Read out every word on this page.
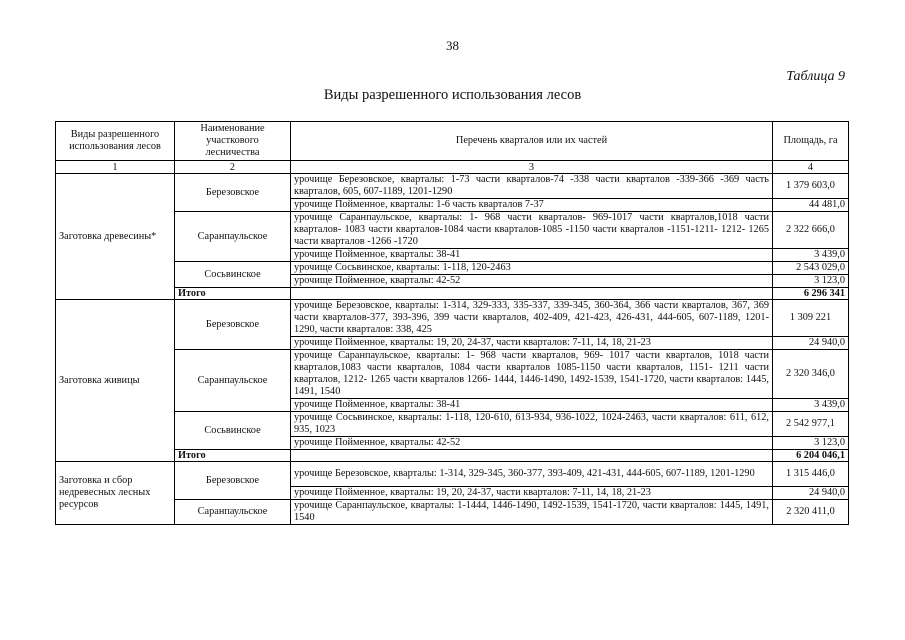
38
Таблица 9
Виды разрешенного использования лесов
Виды разрешенного использования лесов	Наименование участкового лесничества	Перечень кварталов или их частей	Площадь, га
1	2	3	4
Заготовка древесины*	Березовское	урочище Березовское, кварталы: 1-73 части кварталов-74 -338 части кварталов -339-366 -369 часть кварталов, 605, 607-1189, 1201-1290	1 379 603,0
		урочище Пойменное, кварталы: 1-6 часть кварталов 7-37	44 481,0
	Саранпаульское	урочище Саранпаульское, кварталы: 1- 968 части кварталов- 969-1017 части кварталов,1018 части кварталов- 1083 части кварталов-1084 части кварталов-1085 -1150 части кварталов -1151-1211- 1212- 1265 части кварталов -1266 -1720	2 322 666,0
		урочище Пойменное, кварталы: 38-41	3 439,0
	Сосьвинское	урочище Сосьвинское, кварталы: 1-118, 120-2463	2 543 029,0
		урочище Пойменное, кварталы: 42-52	3 123,0
	Итого		6 296 341
Заготовка живицы	Березовское	урочище Березовское, кварталы: 1-314, 329-333, 335-337, 339-345, 360-364, 366 части кварталов, 367, 369 части кварталов-377, 393-396, 399 части кварталов, 402-409, 421-423, 426-431, 444-605, 607-1189, 1201-1290, части кварталов: 338, 425	1 309 221
		урочище Пойменное, кварталы: 19, 20, 24-37, части кварталов: 7-11, 14, 18, 21-23	24 940,0
	Саранпаульское	урочище Саранпаульское, кварталы: 1- 968 части кварталов, 969- 1017 части кварталов, 1018 части кварталов,1083 части кварталов, 1084 части кварталов 1085-1150 части кварталов, 1151- 1211 части кварталов, 1212- 1265 части кварталов 1266- 1444, 1446-1490, 1492-1539, 1541-1720, части кварталов: 1445, 1491, 1540	2 320 346,0
		урочище Пойменное, кварталы: 38-41	3 439,0
	Сосьвинское	урочище Сосьвинское, кварталы: 1-118, 120-610, 613-934, 936-1022, 1024-2463, части кварталов: 611, 612, 935, 1023	2 542 977,1
		урочище Пойменное, кварталы: 42-52	3 123,0
	Итого		6 204 046,1
Заготовка и сбор недревесных лесных ресурсов	Березовское	урочище Березовское, кварталы: 1-314, 329-345, 360-377, 393-409, 421-431, 444-605, 607-1189, 1201-1290	1 315 446,0
		урочище Пойменное, кварталы: 19, 20, 24-37, части кварталов: 7-11, 14, 18, 21-23	24 940,0
	Саранпаульское	урочище Саранпаульское, кварталы: 1-1444, 1446-1490, 1492-1539, 1541-1720, части кварталов: 1445, 1491, 1540	2 320 411,0
